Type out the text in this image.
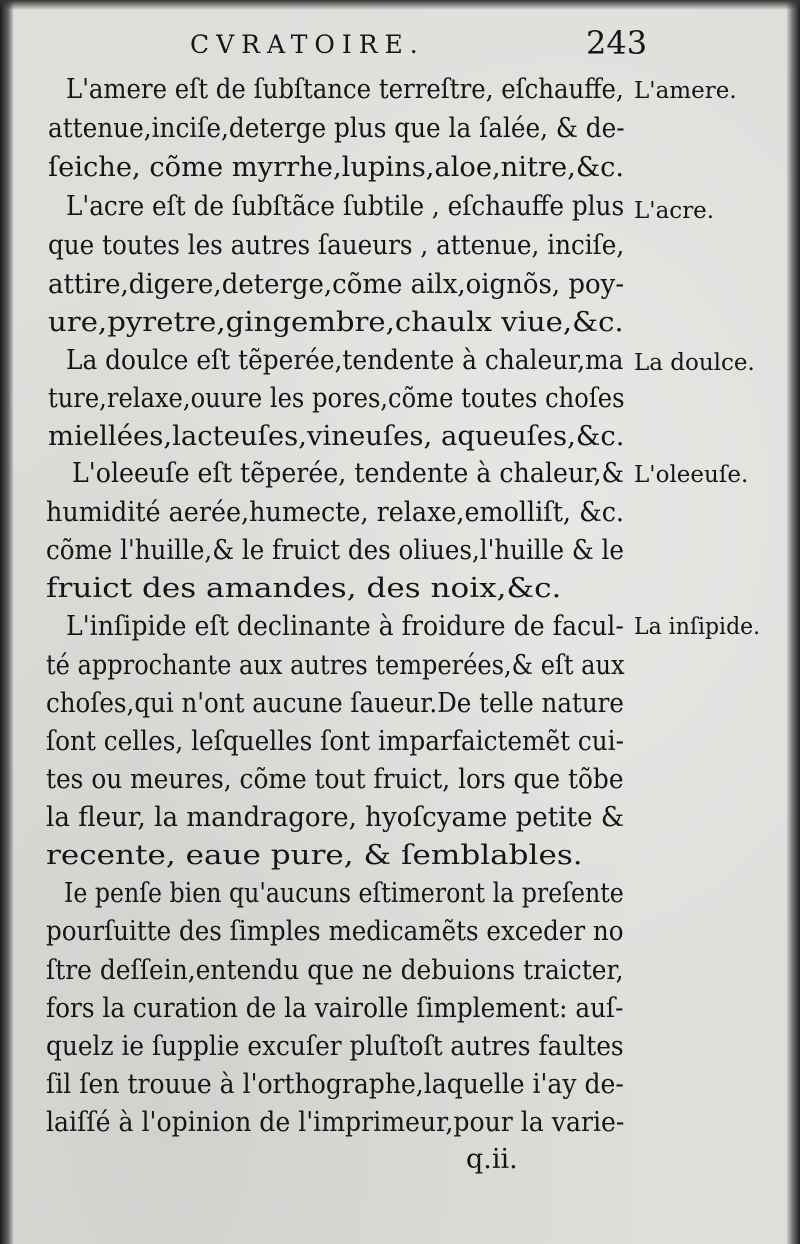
CVRATOIRE.	243
L'amere eſt de ſubſtance terreſtre, eſchauffe,
attenue,inciſe,deterge plus que la ſalée, & de-
ſeiche, cõme myrrhe,lupins,aloe,nitre,&c.
L'acre eſt de ſubſtãce ſubtile , eſchauffe plus
que toutes les autres ſaueurs , attenue, inciſe,
attire,digere,deterge,cõme ailx,oignõs, poy-
ure,pyretre,gingembre,chaulx viue,&c.
La doulce eſt tẽperée,tendente à chaleur,ma
ture,relaxe,ouure les pores,cõme toutes choſes
miellées,lacteuſes,vineuſes, aqueuſes,&c.
L'oleeuſe eſt tẽperée, tendente à chaleur,&
humidité aerée,humecte, relaxe,emolliſt, &c.
cõme l'huille,& le fruict des oliues,l'huille & le
fruict des amandes, des noix,&c.
L'inſipide eſt declinante à froidure de facul-
té approchante aux autres temperées,& eſt aux
choſes,qui n'ont aucune ſaueur.De telle nature
ſont celles, leſquelles ſont imparfaictemẽt cui-
tes ou meures, cõme tout fruict, lors que tõbe
la fleur, la mandragore, hyoſcyame petite &
recente, eaue pure, & ſemblables.
Ie penſe bien qu'aucuns eſtimeront la preſente
pourſuitte des ſimples medicamẽts exceder no
ſtre deſſein,entendu que ne debuions traicter,
fors la curation de la vairolle ſimplement: auſ-
quelz ie ſupplie excuſer pluſtoſt autres faultes
ſil ſen trouue à l'orthographe,laquelle i'ay de-
laiſſé à l'opinion de l'imprimeur,pour la varie-
L'amere.
L'acre.
La doulce.
L'oleeuſe.
La inſipide.
q.ii.
